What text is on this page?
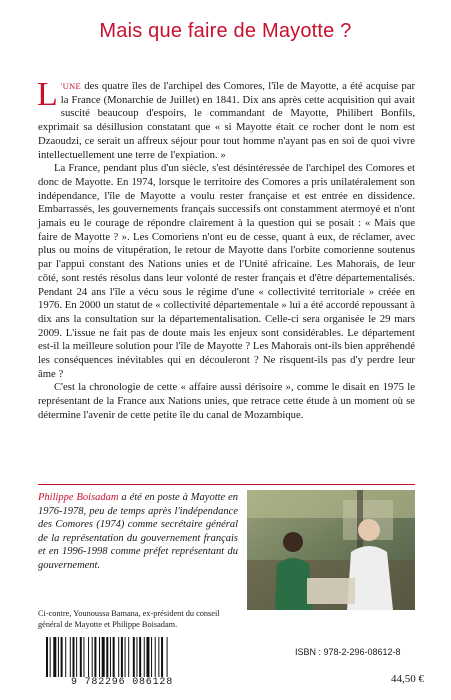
Mais que faire de Mayotte ?

L 'UNE des quatre îles de l'archipel des Comores, l'île de Mayotte, a été acquise par la France (Monarchie de Juillet) en 1841. Dix ans après cette acquisition qui avait suscité beaucoup d'espoirs, le commandant de Mayotte, Philibert Bonfils, exprimait sa désillusion constatant que « si Mayotte était ce rocher dont le nom est Dzaoudzi, ce serait un affreux séjour pour tout homme n'ayant pas en soi de quoi vivre intellectuellement une terre de l'expiation. »

La France, pendant plus d'un siècle, s'est désintéressée de l'archipel des Comores et donc de Mayotte. En 1974, lorsque le territoire des Comores a pris unilatéralement son indépendance, l'île de Mayotte a voulu rester française et est entrée en dissidence. Embarrassés, les gouvernements français successifs ont constamment atermoyé et n'ont jamais eu le courage de répondre clairement à la question qui se posait : « Mais que faire de Mayotte ? ». Les Comoriens n'ont eu de cesse, quant à eux, de réclamer, avec plus ou moins de vitupération, le retour de Mayotte dans l'orbite comorienne soutenus par l'appui constant des Nations unies et de l'Unité africaine. Les Mahorais, de leur côté, sont restés résolus dans leur volonté de rester français et d'être départementalisés. Pendant 24 ans l'île a vécu sous le régime d'une « collectivité territoriale » créée en 1976. En 2000 un statut de « collectivité départementale » lui a été accordé repoussant à dix ans la consultation sur la départementalisation. Celle-ci sera organisée le 29 mars 2009. L'issue ne fait pas de doute mais les enjeux sont considérables. Le département est-il la meilleure solution pour l'île de Mayotte ? Les Mahorais ont-ils bien appréhendé les conséquences inévitables qui en découleront ? Ne risquent-ils pas d'y perdre leur âme ?

C'est la chronologie de cette « affaire aussi dérisoire », comme le disait en 1975 le représentant de la France aux Nations unies, que retrace cette étude à un moment où se détermine l'avenir de cette petite île du canal de Mozambique.

Philippe Boisadam a été en poste à Mayotte en 1976-1978, peu de temps après l'indépendance des Comores (1974) comme secrétaire général de la représentation du gouvernement français et en 1996-1998 comme préfet représentant du gouvernement.
Ci-contre, Younoussa Bamana, ex-président du conseil général de Mayotte et Philippe Boisadam.
9 782296 086128
ISBN : 978-2-296-08612-8
44,50 €
